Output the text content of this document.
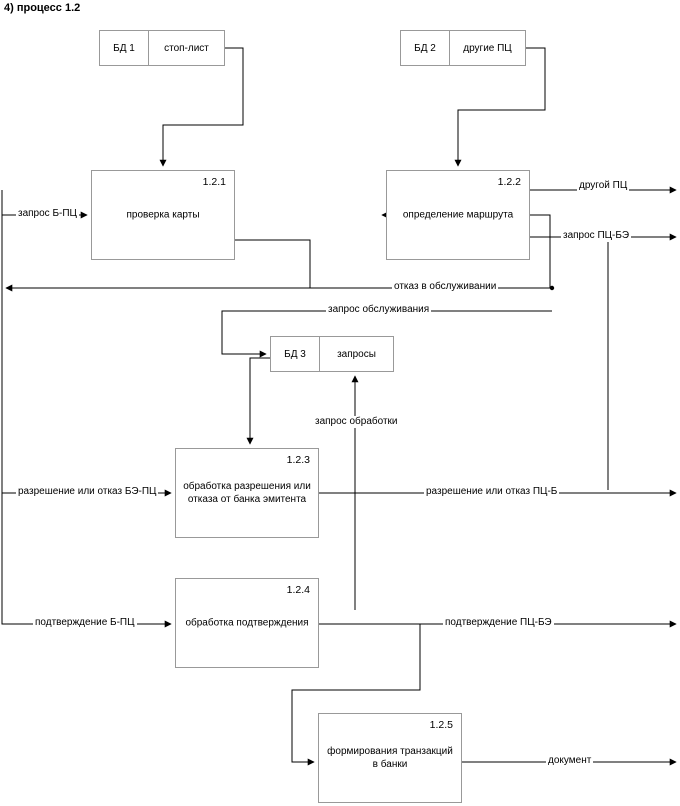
4) процесс 1.2
БД 1	стоп-лист	БД 2	другие ПЦ
БД 3	запросы
1.2.1
проверка карты
1.2.2
определение маршрута
1.2.3
обработка разрешения или отказа от банка эмитента
1.2.4
обработка подтверждения
1.2.5
формирования транзакций в банки
запрос Б-ПЦ
другой ПЦ
запрос ПЦ-БЭ
отказ в обслуживании
запрос обслуживания
запрос обработки
разрешение или отказ БЭ-ПЦ	разрешение или отказ ПЦ-Б
подтверждение Б-ПЦ	подтверждение ПЦ-БЭ
документ
